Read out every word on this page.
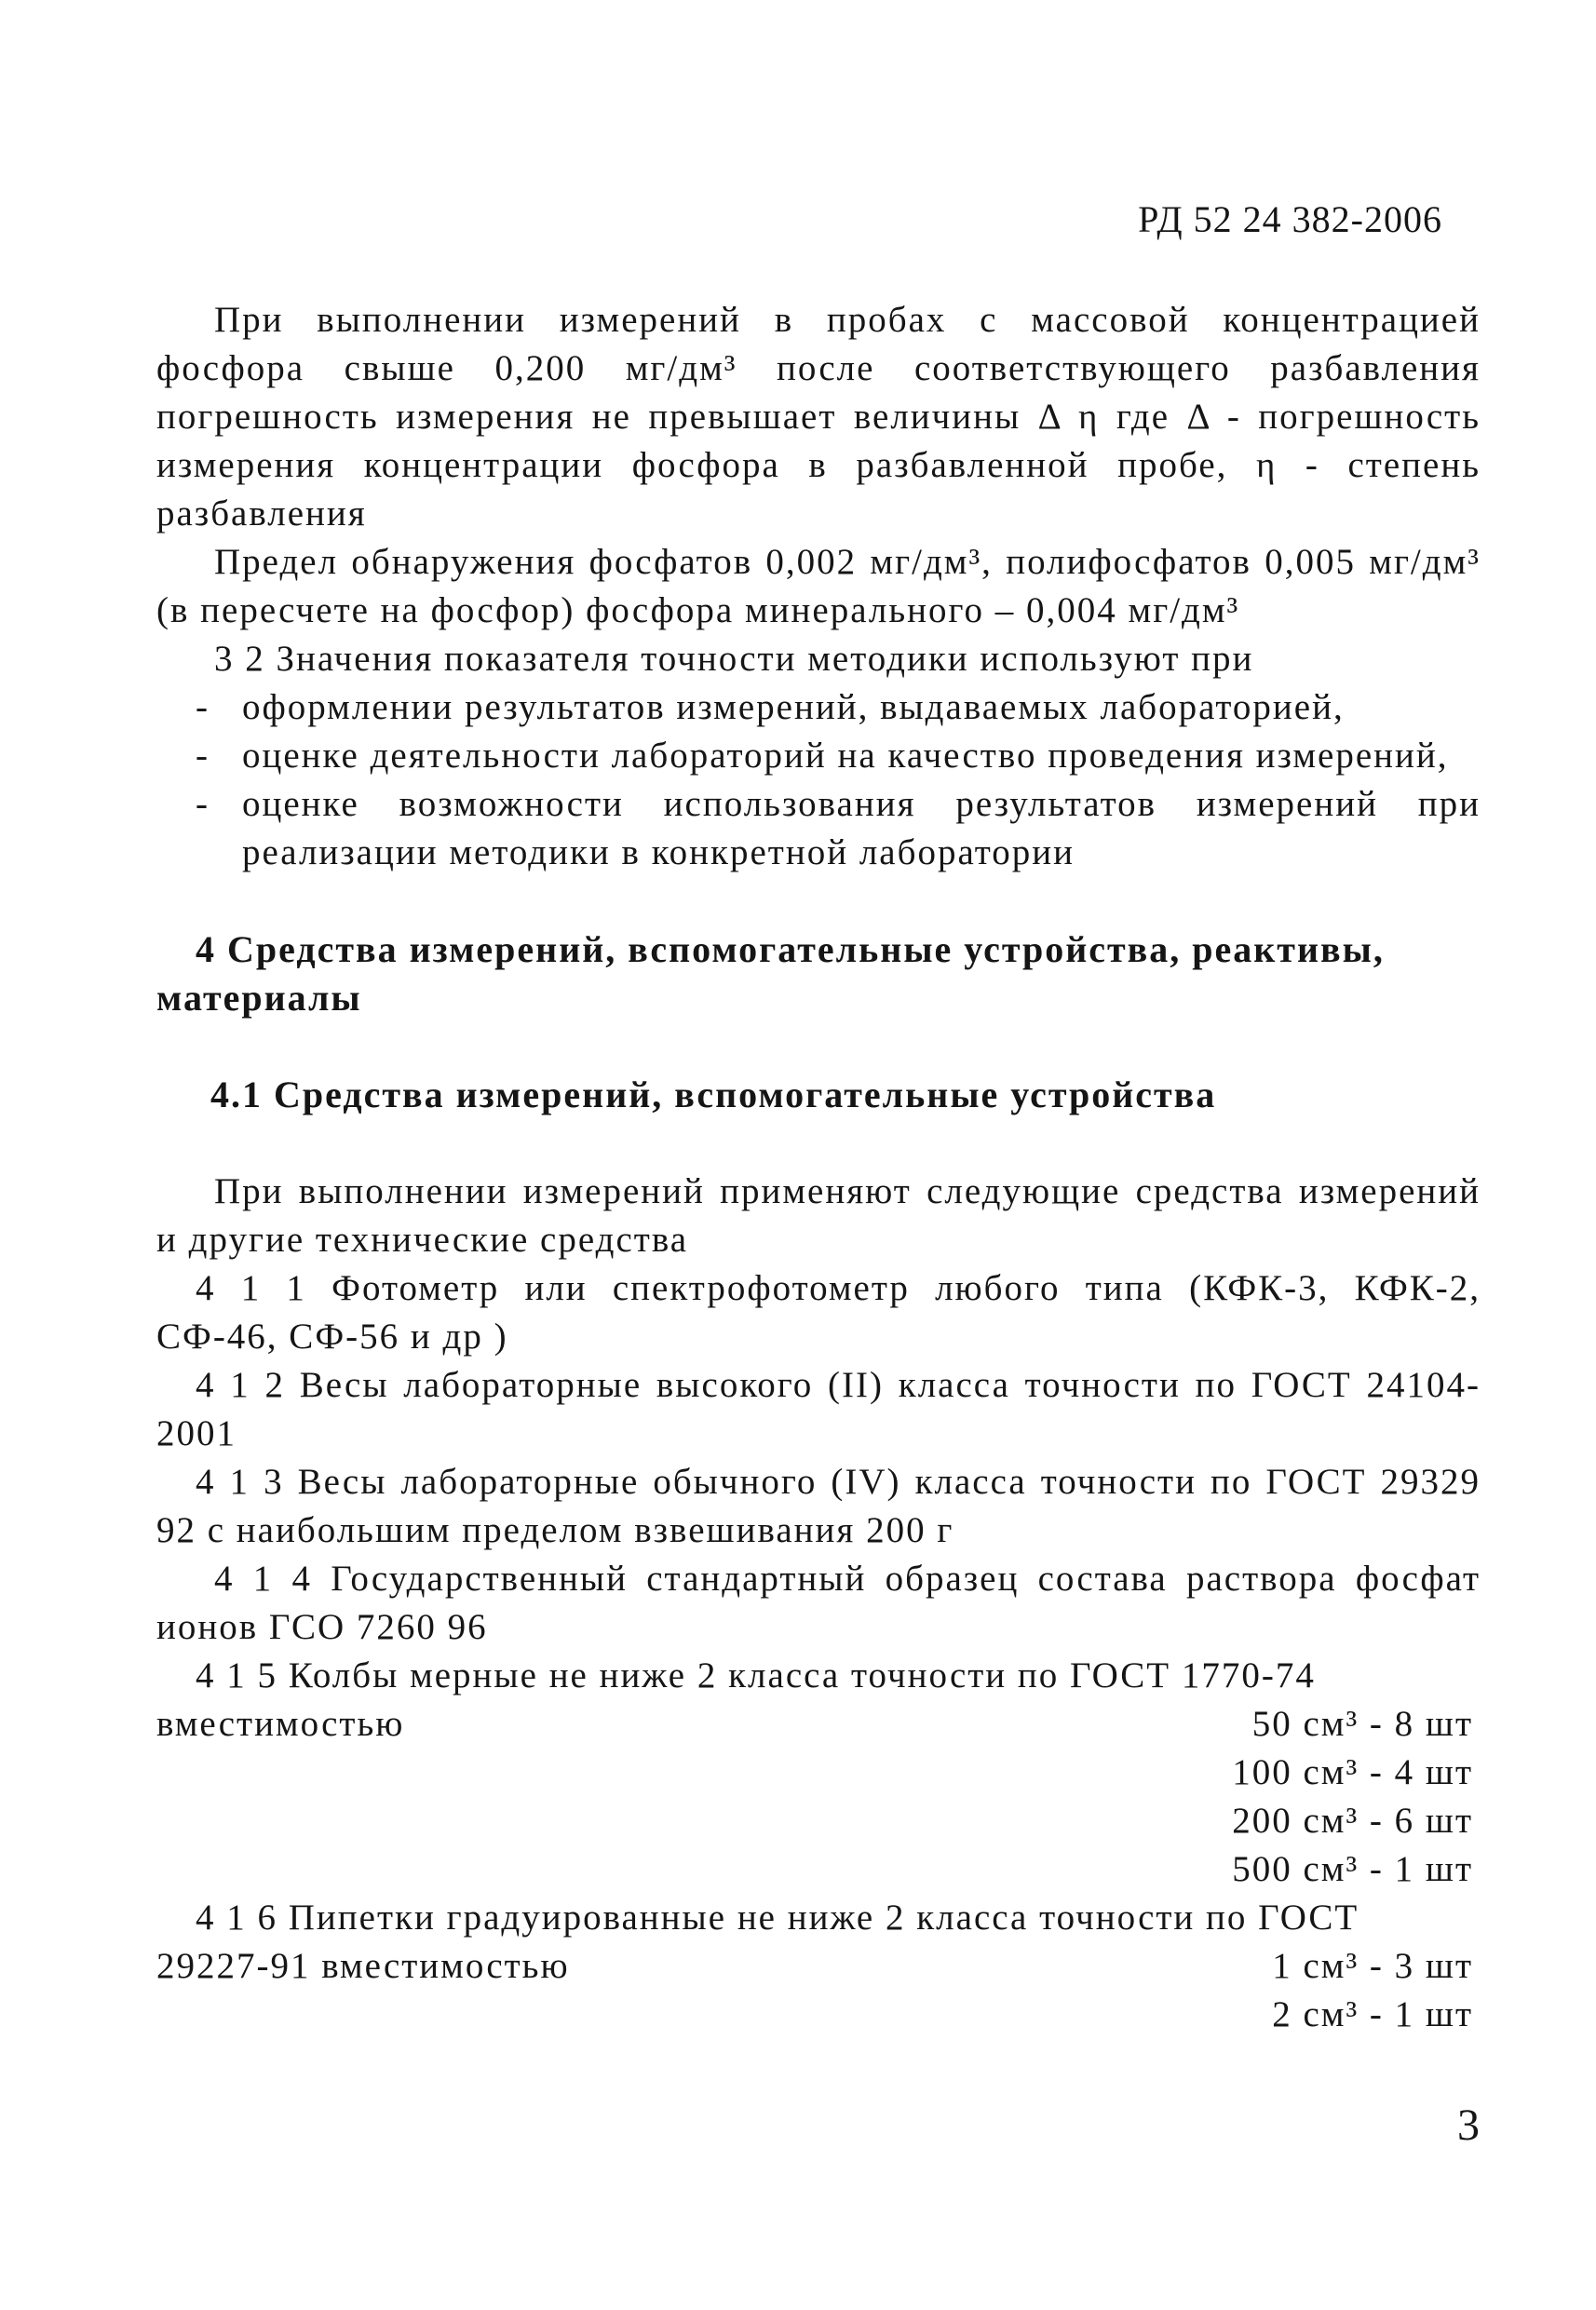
РД 52 24 382-2006

При выполнении измерений в пробах с массовой концентрацией фосфора свыше 0,200 мг/дм³ после соответствующего разбавления погрешность измерения не превышает величины Δ η где Δ - погрешность измерения концентрации фосфора в разбавленной пробе, η - степень разбавления

Предел обнаружения фосфатов 0,002 мг/дм³, полифосфатов 0,005 мг/дм³ (в пересчете на фосфор) фосфора минерального – 0,004 мг/дм³

3 2 Значения показателя точности методики используют при

- оформлении результатов измерений, выдаваемых лабораторией,
- оценке деятельности лабораторий на качество проведения измерений,
- оценке возможности использования результатов измерений при реализации методики в конкретной лаборатории
4 Средства измерений, вспомогательные устройства, реактивы, материалы
4.1 Средства измерений, вспомогательные устройства

При выполнении измерений применяют следующие средства измерений и другие технические средства

4 1 1 Фотометр или спектрофотометр любого типа (КФК-3, КФК-2, СФ-46, СФ-56 и др )

4 1 2 Весы лабораторные высокого (II) класса точности по ГОСТ 24104-2001

4 1 3 Весы лабораторные обычного (IV) класса точности по ГОСТ 29329 92 с наибольшим пределом взвешивания 200 г

4 1 4 Государственный стандартный образец состава раствора фосфат ионов ГСО 7260 96

4 1 5 Колбы мерные не ниже 2 класса точности по ГОСТ 1770-74

вместимостью	50 см³ - 8 шт
100 см³ - 4 шт
200 см³ - 6 шт
500 см³ - 1 шт

4 1 6 Пипетки градуированные не ниже 2 класса точности по ГОСТ

29227-91 вместимостью	1 см³ - 3 шт
2 см³ - 1 шт
3
